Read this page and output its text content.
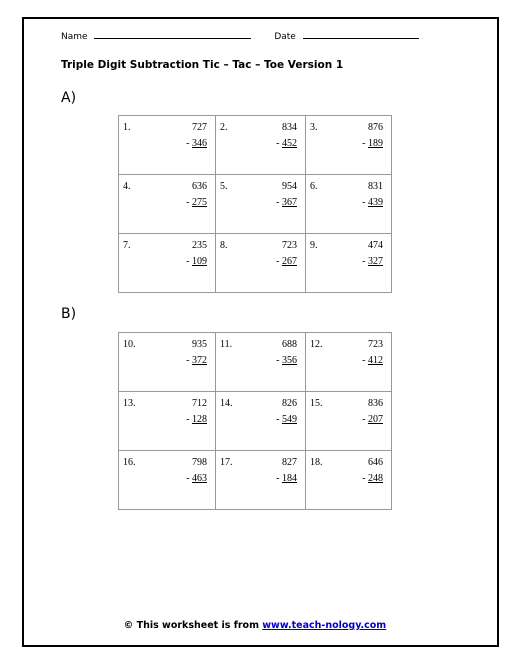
Name	Date
Triple Digit Subtraction Tic – Tac – Toe Version 1
A)
1.	727
- 346
2.	834
- 452
3.	876
- 189
4.	636
- 275
5.	954
- 367
6.	831
- 439
7.	235
- 109
8.	723
- 267
9.	474
- 327
B)
10.	935
- 372
11.	688
- 356
12.	723
- 412
13.	712
- 128
14.	826
- 549
15.	836
- 207
16.	798
- 463
17.	827
- 184
18.	646
- 248
© This worksheet is from www.teach-nology.com
